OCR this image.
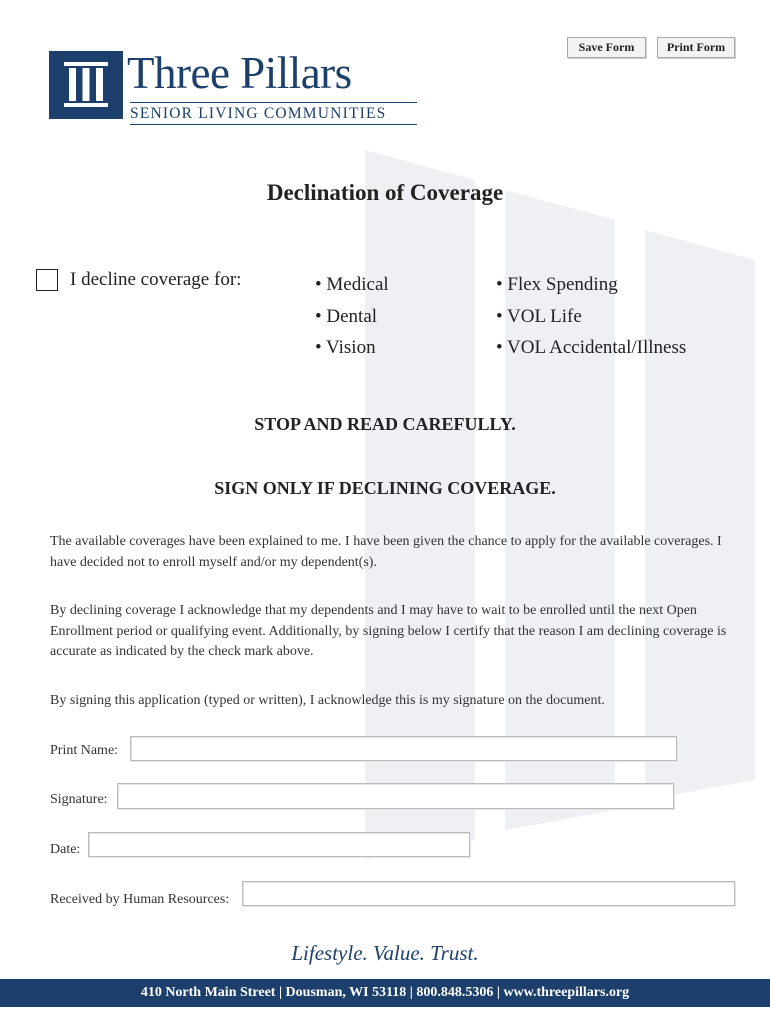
Save Form	Print Form
Three Pillars
SENIOR LIVING COMMUNITIES
Declination of Coverage
I decline coverage for:	• Medical
• Dental
• Vision
• Flex Spending
• VOL Life
• VOL Accidental/Illness
STOP AND READ CAREFULLY.
SIGN ONLY IF DECLINING COVERAGE.
The available coverages have been explained to me. I have been given the chance to apply for the available coverages. I have decided not to enroll myself and/or my dependent(s).
By declining coverage I acknowledge that my dependents and I may have to wait to be enrolled until the next Open Enrollment period or qualifying event. Additionally, by signing below I certify that the reason I am declining coverage is accurate as indicated by the check mark above.
By signing this application (typed or written), I acknowledge this is my signature on the document.
Print Name:
Signature:
Date:
Received by Human Resources:
Lifestyle. Value. Trust.
410 North Main Street | Dousman, WI 53118 | 800.848.5306 | www.threepillars.org
